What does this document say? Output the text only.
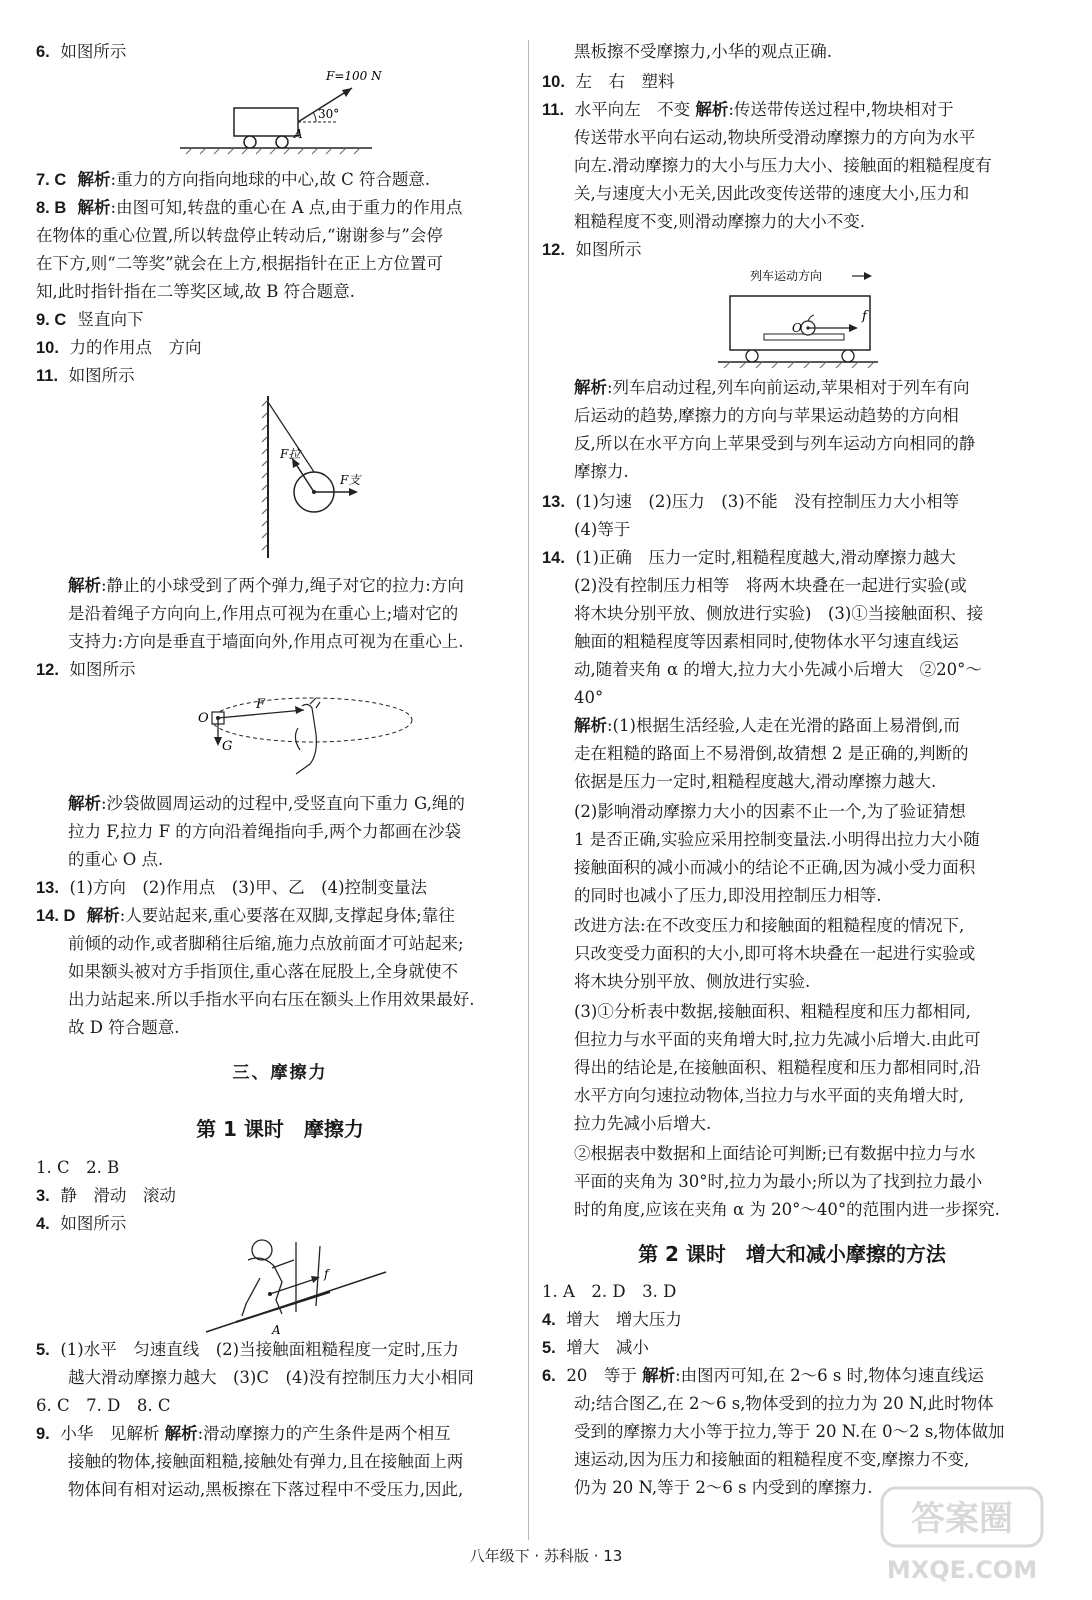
6. 如图所示
30°
A
F=100 N
7. C 解析:重力的方向指向地球的中心,故 C 符合题意.
8. B 解析:由图可知,转盘的重心在 A 点,由于重力的作用点
在物体的重心位置,所以转盘停止转动后,“谢谢参与”会停
在下方,则“二等奖”就会在上方,根据指针在正上方位置可
知,此时指针指在二等奖区域,故 B 符合题意.
9. C 竖直向下
10. 力的作用点　方向
11. 如图所示
F拉
F支
解析:静止的小球受到了两个弹力,绳子对它的拉力:方向
是沿着绳子方向向上,作用点可视为在重心上;墙对它的
支持力:方向是垂直于墙面向外,作用点可视为在重心上.
12. 如图所示
O
F
G
解析:沙袋做圆周运动的过程中,受竖直向下重力 G,绳的
拉力 F,拉力 F 的方向沿着绳指向手,两个力都画在沙袋
的重心 O 点.
13. (1)方向　(2)作用点　(3)甲、乙　(4)控制变量法
14. D 解析:人要站起来,重心要落在双脚,支撑起身体;靠往
前倾的动作,或者脚稍往后缩,施力点放前面才可站起来;
如果额头被对方手指顶住,重心落在屁股上,全身就使不
出力站起来.所以手指水平向右压在额头上作用效果最好.
故 D 符合题意.
三、摩擦力
第 1 课时　摩擦力
1. C　2. B
3. 静　滑动　滚动
4. 如图所示
f
A
5. (1)水平　匀速直线　(2)当接触面粗糙程度一定时,压力
越大滑动摩擦力越大　(3)C　(4)没有控制压力大小相同
6. C　7. D　8. C
9. 小华　见解析 解析:滑动摩擦力的产生条件是两个相互
接触的物体,接触面粗糙,接触处有弹力,且在接触面上两
物体间有相对运动,黑板擦在下落过程中不受压力,因此,
黑板擦不受摩擦力,小华的观点正确.
10. 左　右　塑料
11. 水平向左　不变 解析:传送带传送过程中,物块相对于
传送带水平向右运动,物块所受滑动摩擦力的方向为水平
向左.滑动摩擦力的大小与压力大小、接触面的粗糙程度有
关,与速度大小无关,因此改变传送带的速度大小,压力和
粗糙程度不变,则滑动摩擦力的大小不变.
12. 如图所示
列车运动方向
O
f
解析:列车启动过程,列车向前运动,苹果相对于列车有向
后运动的趋势,摩擦力的方向与苹果运动趋势的方向相
反,所以在水平方向上苹果受到与列车运动方向相同的静
摩擦力.
13. (1)匀速　(2)压力　(3)不能　没有控制压力大小相等
(4)等于
14. (1)正确　压力一定时,粗糙程度越大,滑动摩擦力越大
(2)没有控制压力相等　将两木块叠在一起进行实验(或
将木块分别平放、侧放进行实验)　(3)①当接触面积、接
触面的粗糙程度等因素相同时,使物体水平匀速直线运
动,随着夹角 α 的增大,拉力大小先减小后增大　②20°～
40°
解析:(1)根据生活经验,人走在光滑的路面上易滑倒,而
走在粗糙的路面上不易滑倒,故猜想 2 是正确的,判断的
依据是压力一定时,粗糙程度越大,滑动摩擦力越大.
(2)影响滑动摩擦力大小的因素不止一个,为了验证猜想
1 是否正确,实验应采用控制变量法.小明得出拉力大小随
接触面积的减小而减小的结论不正确,因为减小受力面积
的同时也减小了压力,即没用控制压力相等.
改进方法:在不改变压力和接触面的粗糙程度的情况下,
只改变受力面积的大小,即可将木块叠在一起进行实验或
将木块分别平放、侧放进行实验.
(3)①分析表中数据,接触面积、粗糙程度和压力都相同,
但拉力与水平面的夹角增大时,拉力先减小后增大.由此可
得出的结论是,在接触面积、粗糙程度和压力都相同时,沿
水平方向匀速拉动物体,当拉力与水平面的夹角增大时,
拉力先减小后增大.
②根据表中数据和上面结论可判断;已有数据中拉力与水
平面的夹角为 30°时,拉力为最小;所以为了找到拉力最小
时的角度,应该在夹角 α 为 20°～40°的范围内进一步探究.
第 2 课时　增大和减小摩擦的方法
1. A　2. D　3. D
4. 增大　增大压力
5. 增大　减小
6. 20　等于 解析:由图丙可知,在 2～6 s 时,物体匀速直线运
动;结合图乙,在 2～6 s,物体受到的拉力为 20 N,此时物体
受到的摩擦力大小等于拉力,等于 20 N.在 0～2 s,物体做加
速运动,因为压力和接触面的粗糙程度不变,摩擦力不变,
仍为 20 N,等于 2～6 s 内受到的摩擦力.
八年级下 · 苏科版 · 13
答案圈
MXQE.COM
